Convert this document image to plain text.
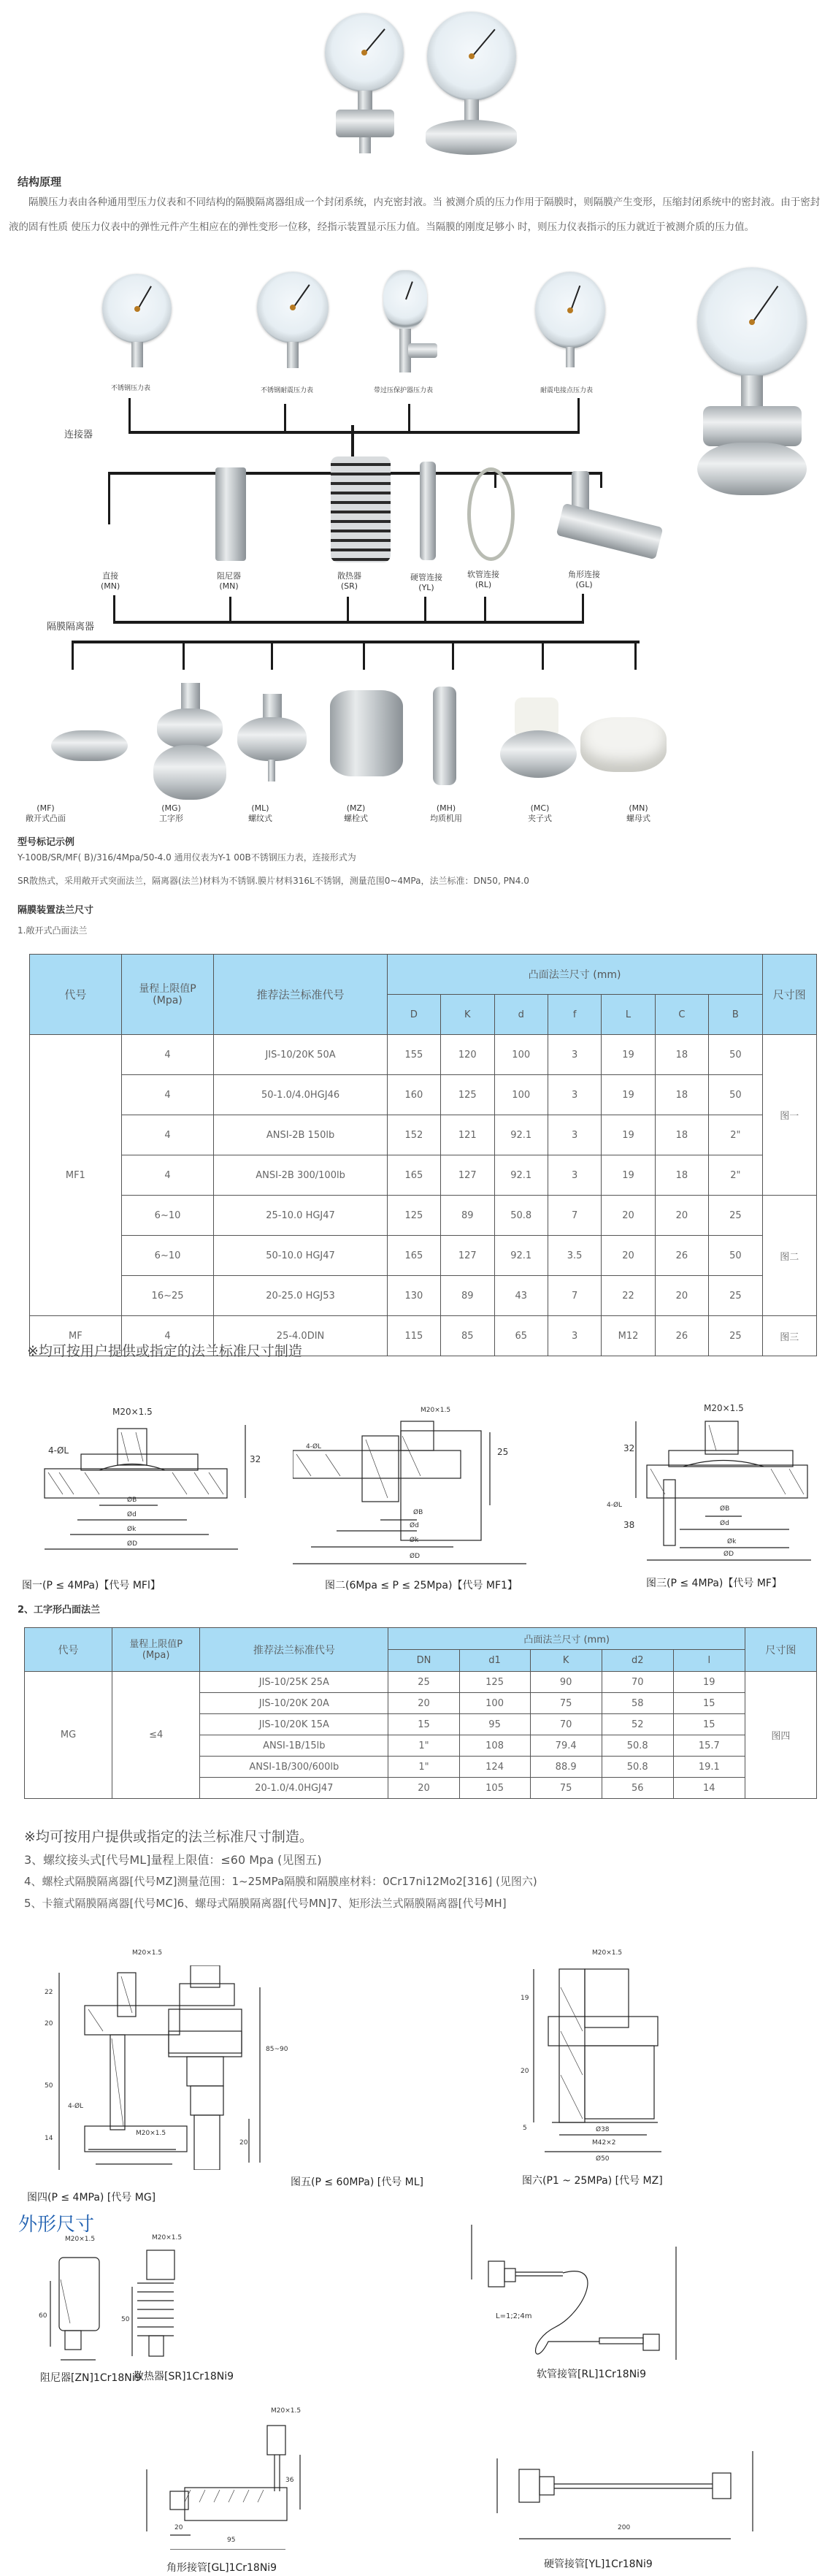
结构原理
隔膜压力表由各种通用型压力仪表和不同结构的隔膜隔离器组成一个封闭系统，内充密封液。当 被测介质的压力作用于隔膜时，则隔膜产生变形，压缩封闭系统中的密封液。由于密封液的固有性质 使压力仪表中的弹性元件产生相应在的弹性变形一位移，经指示装置显示压力值。当隔膜的刚度足够小 时，则压力仪表指示的压力就近于被测介质的压力值。
不锈钢压力表	不锈钢耐震压力表	带过压保护器压力表	耐震电接点压力表
连接器
直接
(MN)
阻尼器
(MN)
散热器
(SR)
硬管连接
(YL)
软管连接
(RL)
角形连接
(GL)
隔膜隔离器
(MF)
敞开式凸面
(MG)
工字形
(ML)
螺纹式
(MZ)
螺栓式
(MH)
均质机用
(MC)
夹子式
(MN)
螺母式
型号标记示例
Y-100B/SR/MF( B)/316/4Mpa/50-4.0 通用仪表为Y-1 00B不锈钢压力表，连接形式为
SR散热式，采用敞开式突面法兰，隔离器(法兰)材料为不锈钢.膜片材料316L不锈钢，测量范围0~4MPa，法兰标准：DN50, PN4.0
隔膜装置法兰尺寸
1.敞开式凸面法兰
代号	量程上限值P
(Mpa)	推荐法兰标准代号	凸面法兰尺寸 (mm)							尺寸图
			D	K	d	f	L	C	B	
MF1	4	JIS-10/20K 50A	155	120	100	3	19	18	50	图一
	4	50-1.0/4.0HGJ46	160	125	100	3	19	18	50	
	4	ANSI-2B 150lb	152	121	92.1	3	19	18	2"	
	4	ANSI-2B 300/100lb	165	127	92.1	3	19	18	2"	
	6~10	25-10.0 HGJ47	125	89	50.8	7	20	20	25	图二
	6~10	50-10.0 HGJ47	165	127	92.1	3.5	20	26	50	
	16~25	20-25.0 HGJ53	130	89	43	7	22	20	25	
MF	4	25-4.0DIN	115	85	65	3	M12	26	25	图三
※均可按用户提供或指定的法兰标准尺寸制造
M20×1.5
4-ØL
32
ØB
Ød
Øk
ØD
图一(P ≤ 4MPa)【代号 MFl】
M20×1.5
4-ØL	25
ØB
Ød
Øk
ØD
图二(6Mpa ≤ P ≤ 25Mpa)【代号 MF1】
M20×1.5
32
4-ØL
38
ØB
Ød
Øk
ØD
图三(P ≤ 4MPa)【代号 MF】
2、工字形凸面法兰
代号	量程上限值P
(Mpa)	推荐法兰标准代号	凸面法兰尺寸 (mm)					尺寸图
			DN	d1	K	d2	l	
MG	≤4	JIS-10/25K 25A	25	125	90	70	19	图四
		JIS-10/20K 20A	20	100	75	58	15	
		JIS-10/20K 15A	15	95	70	52	15	
		ANSI-1B/15lb	1"	108	79.4	50.8	15.7	
		ANSI-1B/300/600lb	1"	124	88.9	50.8	19.1	
		20-1.0/4.0HGJ47	20	105	75	56	14	
※均可按用户提供或指定的法兰标准尺寸制造。
3、螺纹接头式[代号ML]量程上限值：≤60 Mpa (见图五)
4、螺栓式隔膜隔离器[代号MZ]测量范围：1~25MPa隔膜和隔膜座材料：0Cr17ni12Mo2[316] (见图六)
5、卡箍式隔膜隔离器[代号MC]6、螺母式隔膜隔离器[代号MN]7、矩形法兰式隔膜隔离器[代号MH]
M20×1.5
22
20
50
4-ØL
14
图四(P ≤ 4MPa) [代号 MG]
85~90
20
M20×1.5
M20×1.5
19
20
5	Ø38
M42×2
Ø50
图六(P1 ~ 25MPa) [代号 MZ]
图五(P ≤ 60MPa) [代号 ML]
外形尺寸
M20×1.5
60
阻尼器[ZN]1Cr18Ni9
M20×1.5
50
散热器[SR]1Cr18Ni9
L=1;2;4m
软管接管[RL]1Cr18Ni9
M20×1.5
36
20
95
角形接管[GL]1Cr18Ni9
200
硬管接管[YL]1Cr18Ni9
